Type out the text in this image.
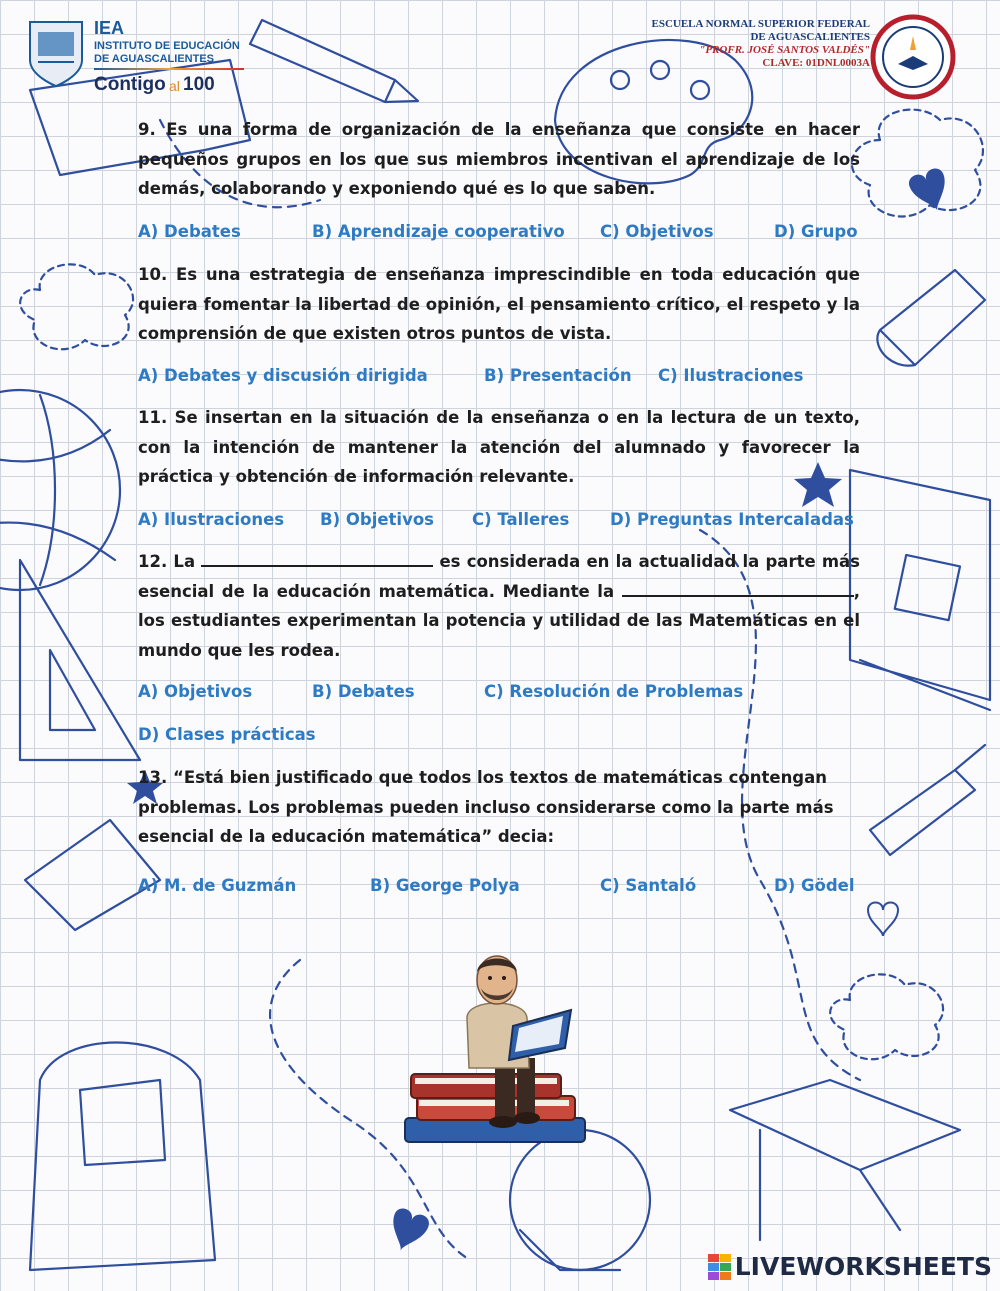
IEA
INSTITUTO DE EDUCACIÓN
DE AGUASCALIENTES
Contigo al 100
ESCUELA NORMAL SUPERIOR FEDERAL
DE AGUASCALIENTES
"PROFR. JOSÉ SANTOS VALDÉS"
CLAVE: 01DNL0003A
9. Es una forma de organización de la enseñanza que consiste en hacer pequeños grupos en los que sus miembros incentivan el aprendizaje de los demás, colaborando y exponiendo qué es lo que saben.
A) Debates	B) Aprendizaje cooperativo C) Objetivos	D) Grupo
10. Es una estrategia de enseñanza imprescindible en toda educación que quiera fomentar la libertad de opinión, el pensamiento crítico, el respeto y la comprensión de que existen otros puntos de vista.
A) Debates y discusión dirigida	B) Presentación C) Ilustraciones
11. Se insertan en la situación de la enseñanza o en la lectura de un texto, con la intención de mantener la atención del alumnado y favorecer la práctica y obtención de información relevante.
A) Ilustraciones B) Objetivos C) Talleres D) Preguntas Intercaladas
12. La	es considerada en la actualidad la parte más esencial de la educación matemática. Mediante la	, los estudiantes experimentan la potencia y utilidad de las Matemáticas en el mundo que les rodea.
A) Objetivos	B) Debates	C) Resolución de Problemas
D) Clases prácticas
13. “Está bien justificado que todos los textos de matemáticas contengan problemas. Los problemas pueden incluso considerarse como la parte más esencial de la educación matemática” decia:
A) M. de Guzmán	B) George Polya	C) Santaló	D) Gödel
LIVEWORKSHEETS
